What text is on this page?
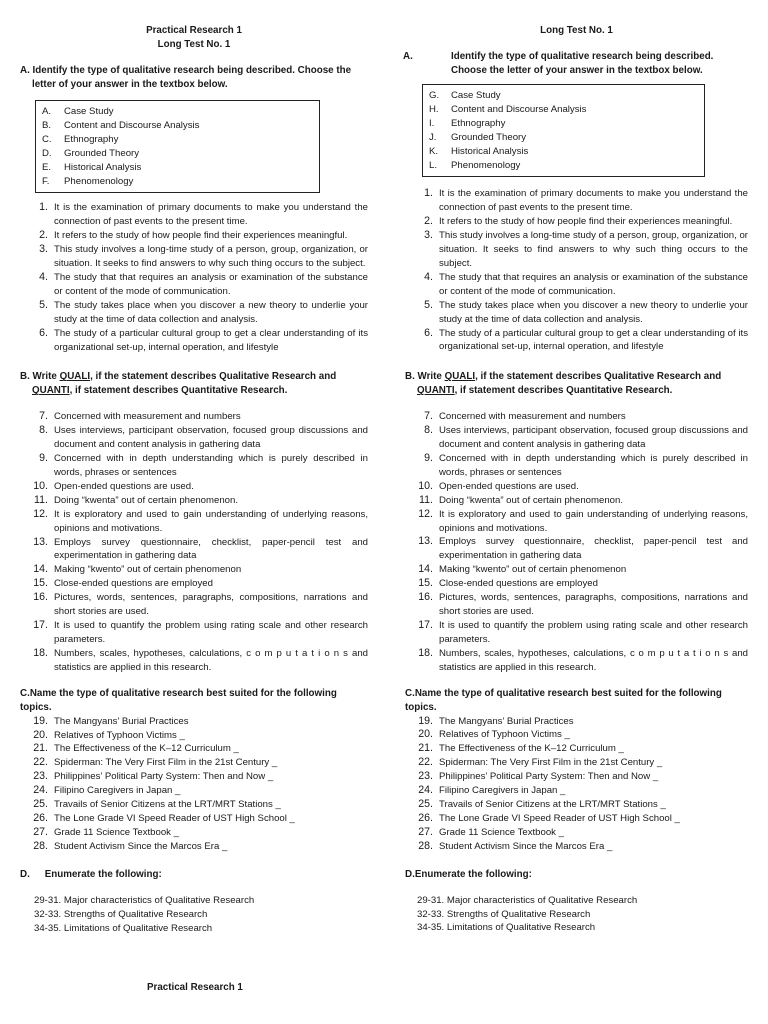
Practical Research 1
Long Test No. 1
A. Identify the type of qualitative research being described. Choose the letter of your answer in the textbox below.
A.	Case Study
B.	Content and Discourse Analysis
C.	Ethnography
D.	Grounded Theory
E.	Historical Analysis
F.	Phenomenology
1. It is the examination of primary documents to make you understand the connection of past events to the present time.
2. It refers to the study of how people find their experiences meaningful.
3. This study involves a long-time study of a person, group, organization, or situation. It seeks to find answers to why such thing occurs to the subject.
4. The study that that requires an analysis or examination of the substance or content of the mode of communication.
5. The study takes place when you discover a new theory to underlie your study at the time of data collection and analysis.
6. The study of a particular cultural group to get a clear understanding of its organizational set-up, internal operation, and lifestyle
B. Write QUALI, if the statement describes Qualitative Research and QUANTI, if statement describes Quantitative Research.
7. Concerned with measurement and numbers
8. Uses interviews, participant observation, focused group discussions and document and content analysis in gathering data
9. Concerned with in depth understanding which is purely described in words, phrases or sentences
10. Open-ended questions are used.
11. Doing “kwenta” out of certain phenomenon.
12. It is exploratory and used to gain understanding of underlying reasons, opinions and motivations.
13. Employs survey questionnaire, checklist, paper-pencil test and experimentation in gathering data
14. Making “kwento” out of certain phenomenon
15. Close-ended questions are employed
16. Pictures, words, sentences, paragraphs, compositions, narrations and short stories are used.
17. It is used to quantify the problem using rating scale and other research parameters.
18. Numbers, scales, hypotheses, calculations, c o m p u t a t i o n s and statistics are applied in this research.
C.Name the type of qualitative research best suited for the following topics.
19. The Mangyans’ Burial Practices
20. Relatives of Typhoon Victims _
21. The Effectiveness of the K–12 Curriculum _
22. Spiderman: The Very First Film in the 21st Century _
23. Philippines’ Political Party System: Then and Now _
24. Filipino Caregivers in Japan _
25. Travails of Senior Citizens at the LRT/MRT Stations _
26. The Lone Grade VI Speed Reader of UST High School _
27. Grade 11 Science Textbook _
28. Student Activism Since the Marcos Era _
D. Enumerate the following:
29-31. Major characteristics of Qualitative Research
32-33. Strengths of Qualitative Research
34-35. Limitations of Qualitative Research
Practical Research 1
Long Test No. 1
A.	Identify the type of qualitative research being described. Choose the letter of your answer in the textbox below.
G.	Case Study
H.	Content and Discourse Analysis
I.	Ethnography
J.	Grounded Theory
K.	Historical Analysis
L.	Phenomenology
1. It is the examination of primary documents to make you understand the connection of past events to the present time.
2. It refers to the study of how people find their experiences meaningful.
3. This study involves a long-time study of a person, group, organization, or situation. It seeks to find answers to why such thing occurs to the subject.
4. The study that that requires an analysis or examination of the substance or content of the mode of communication.
5. The study takes place when you discover a new theory to underlie your study at the time of data collection and analysis.
6. The study of a particular cultural group to get a clear understanding of its organizational set-up, internal operation, and lifestyle
B. Write QUALI, if the statement describes Qualitative Research and QUANTI, if statement describes Quantitative Research.
7. Concerned with measurement and numbers
8. Uses interviews, participant observation, focused group discussions and document and content analysis in gathering data
9. Concerned with in depth understanding which is purely described in words, phrases or sentences
10. Open-ended questions are used.
11. Doing “kwenta” out of certain phenomenon.
12. It is exploratory and used to gain understanding of underlying reasons, opinions and motivations.
13. Employs survey questionnaire, checklist, paper-pencil test and experimentation in gathering data
14. Making “kwento” out of certain phenomenon
15. Close-ended questions are employed
16. Pictures, words, sentences, paragraphs, compositions, narrations and short stories are used.
17. It is used to quantify the problem using rating scale and other research parameters.
18. Numbers, scales, hypotheses, calculations, c o m p u t a t i o n s and statistics are applied in this research.
C.Name the type of qualitative research best suited for the following topics.
19. The Mangyans’ Burial Practices
20. Relatives of Typhoon Victims _
21. The Effectiveness of the K–12 Curriculum _
22. Spiderman: The Very First Film in the 21st Century _
23. Philippines’ Political Party System: Then and Now _
24. Filipino Caregivers in Japan _
25. Travails of Senior Citizens at the LRT/MRT Stations _
26. The Lone Grade VI Speed Reader of UST High School _
27. Grade 11 Science Textbook _
28. Student Activism Since the Marcos Era _
D.Enumerate the following:
29-31. Major characteristics of Qualitative Research
32-33. Strengths of Qualitative Research
34-35. Limitations of Qualitative Research
